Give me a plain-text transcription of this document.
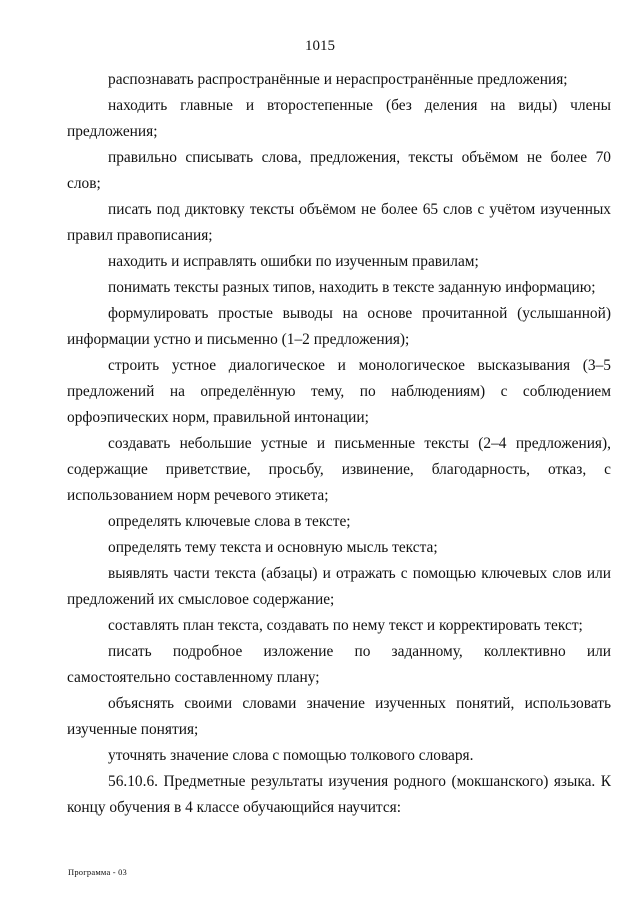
1015

распознавать распространённые и нераспространённые предложения;

находить главные и второстепенные (без деления на виды) члены предложения;

правильно списывать слова, предложения, тексты объёмом не более 70 слов;

писать под диктовку тексты объёмом не более 65 слов с учётом изученных правил правописания;

находить и исправлять ошибки по изученным правилам;

понимать тексты разных типов, находить в тексте заданную информацию;

формулировать простые выводы на основе прочитанной (услышанной) информации устно и письменно (1–2 предложения);

строить устное диалогическое и монологическое высказывания (3–5 предложений на определённую тему, по наблюдениям) с соблюдением орфоэпических норм, правильной интонации;

создавать небольшие устные и письменные тексты (2–4 предложения), содержащие приветствие, просьбу, извинение, благодарность, отказ, с использованием норм речевого этикета;

определять ключевые слова в тексте;

определять тему текста и основную мысль текста;

выявлять части текста (абзацы) и отражать с помощью ключевых слов или предложений их смысловое содержание;

составлять план текста, создавать по нему текст и корректировать текст;

писать подробное изложение по заданному, коллективно или самостоятельно составленному плану;

объяснять своими словами значение изученных понятий, использовать изученные понятия;

уточнять значение слова с помощью толкового словаря.

56.10.6. Предметные результаты изучения родного (мокшанского) языка. К концу обучения в 4 классе обучающийся научится:

Программа - 03
